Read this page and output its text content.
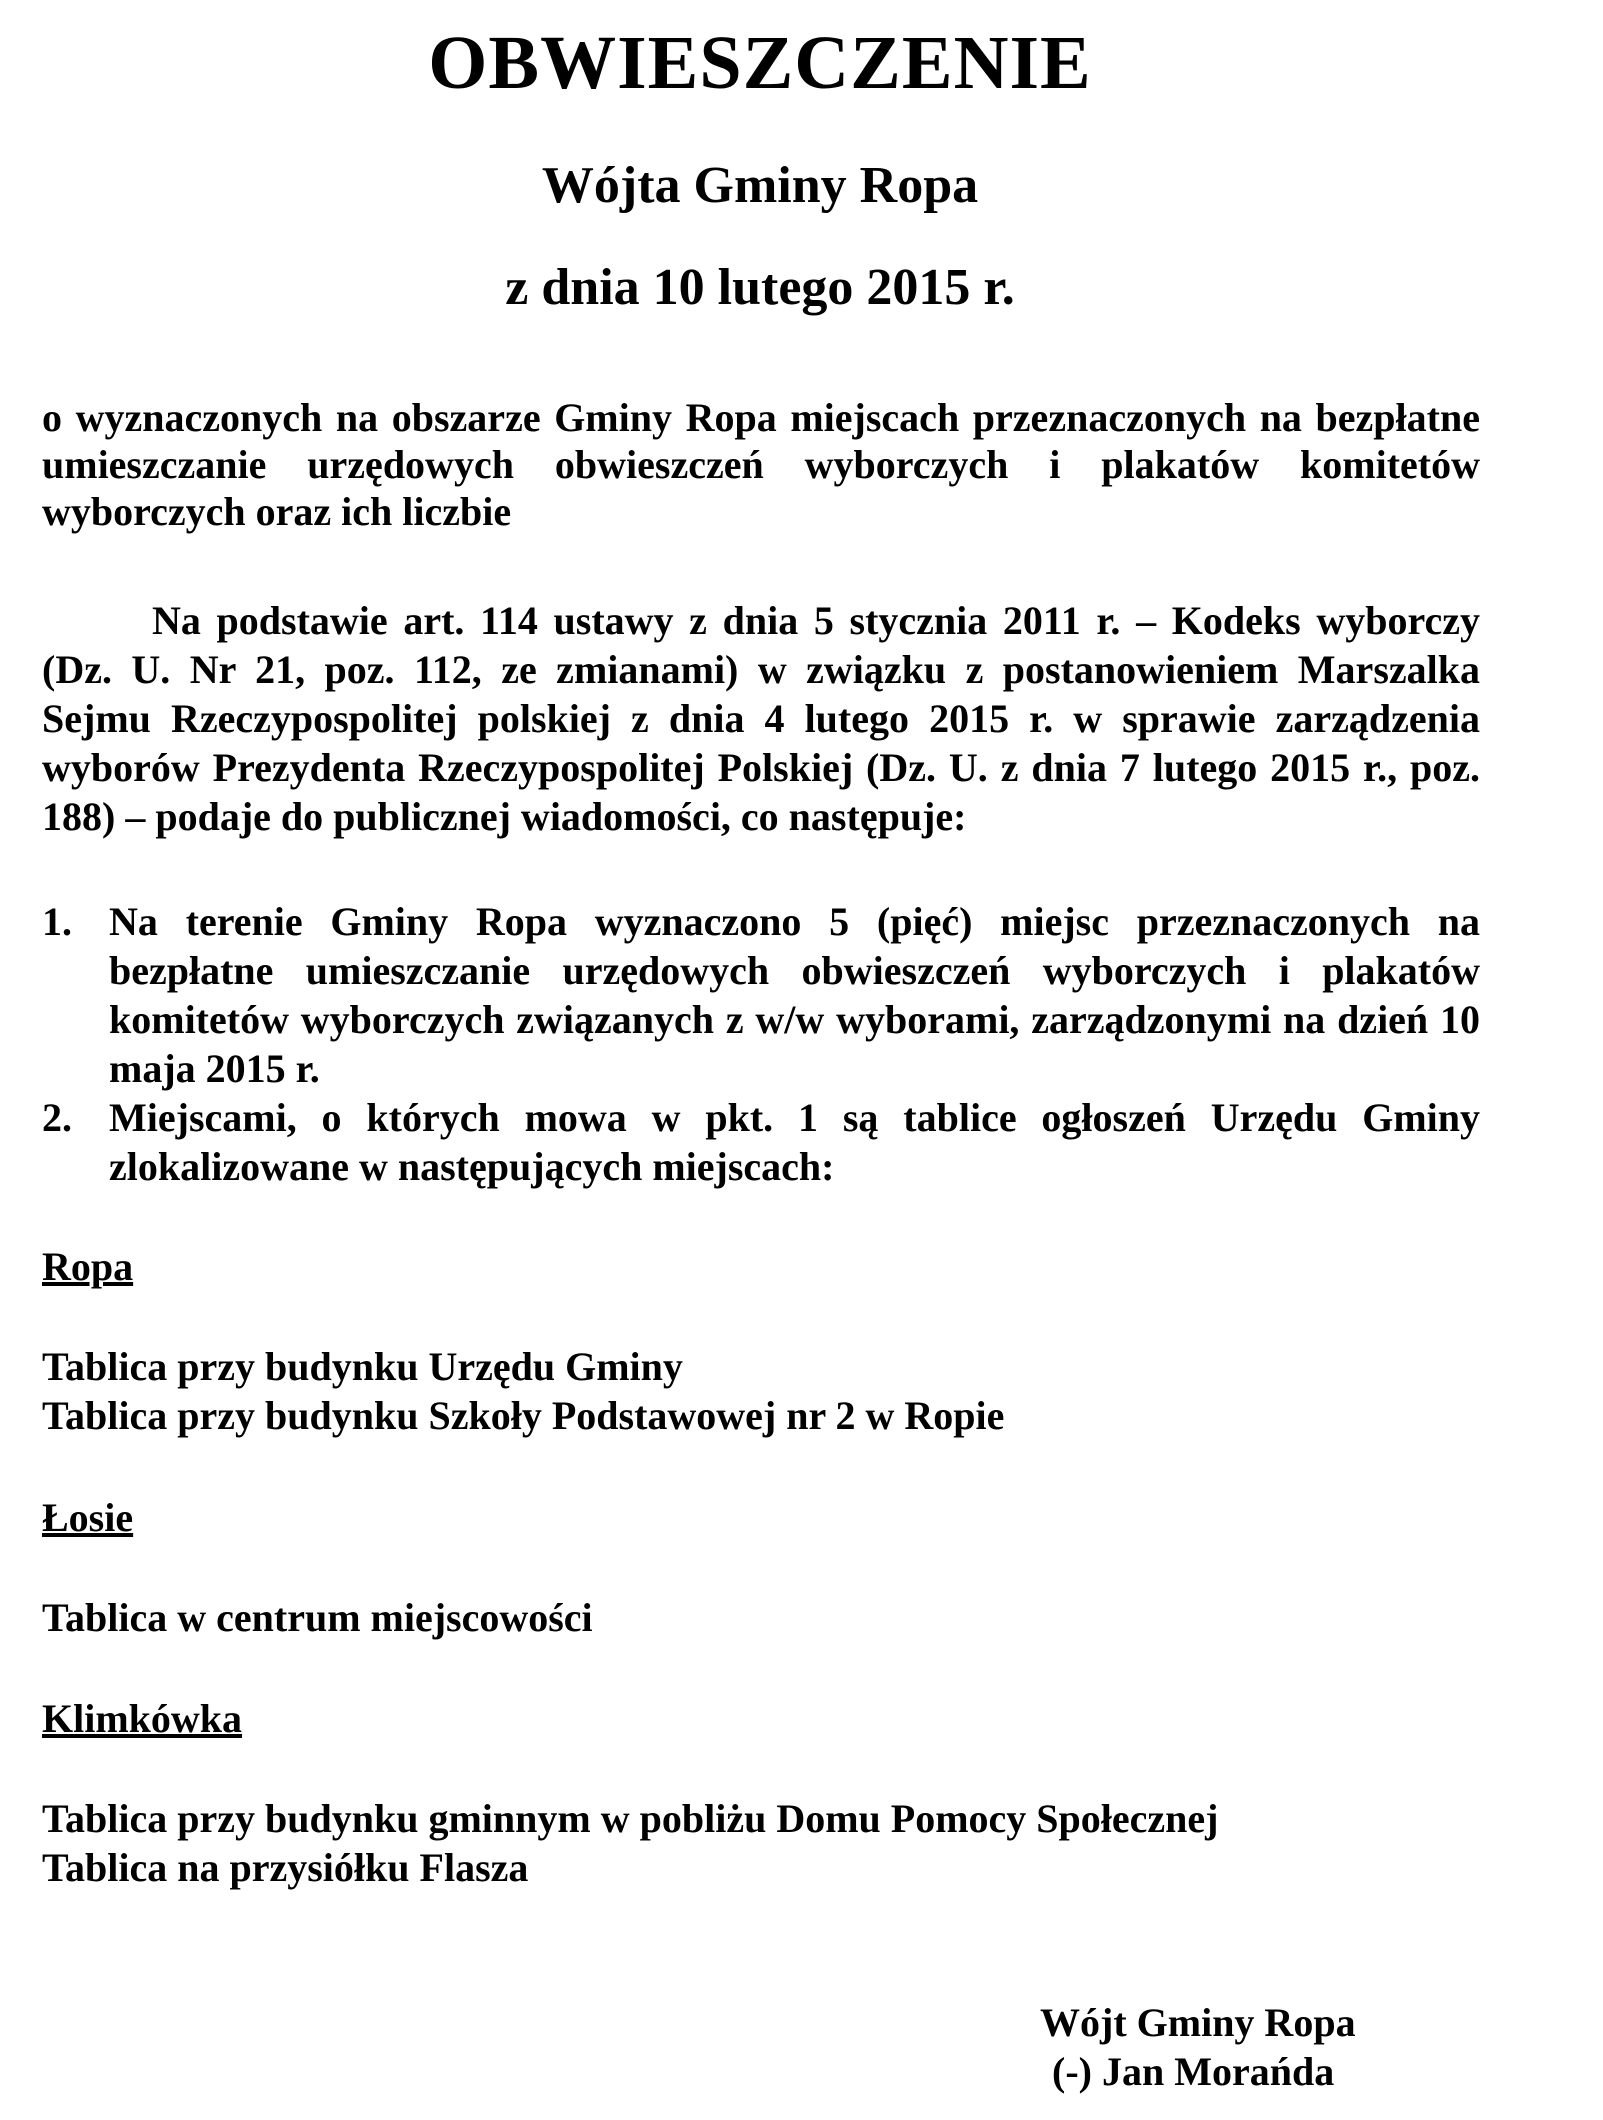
OBWIESZCZENIE
Wójta Gminy Ropa
z dnia 10 lutego 2015 r.
o wyznaczonych na obszarze Gminy Ropa miejscach przeznaczonych na bezpłatne umieszczanie urzędowych obwieszczeń wyborczych i plakatów komitetów wyborczych oraz ich liczbie
Na podstawie art. 114 ustawy z dnia 5 stycznia 2011 r. – Kodeks wyborczy (Dz. U. Nr 21, poz. 112, ze zmianami) w związku z postanowieniem Marszalka Sejmu Rzeczypospolitej polskiej z dnia 4 lutego 2015 r. w sprawie zarządzenia wyborów Prezydenta Rzeczypospolitej Polskiej (Dz. U. z dnia 7 lutego 2015 r., poz. 188) – podaje do publicznej wiadomości, co następuje:
1. Na terenie Gminy Ropa wyznaczono 5 (pięć) miejsc przeznaczonych na bezpłatne umieszczanie urzędowych obwieszczeń wyborczych i plakatów komitetów wyborczych związanych z w/w wyborami, zarządzonymi na dzień 10 maja 2015 r.
2. Miejscami, o których mowa w pkt. 1 są tablice ogłoszeń Urzędu Gminy zlokalizowane w następujących miejscach:
Ropa
Tablica przy budynku Urzędu Gminy
Tablica przy budynku Szkoły Podstawowej nr 2 w Ropie
Łosie
Tablica w centrum miejscowości
Klimkówka
Tablica przy budynku gminnym w pobliżu Domu Pomocy Społecznej
Tablica na przysiółku Flasza
Wójt Gminy Ropa
(-) Jan Morańda
